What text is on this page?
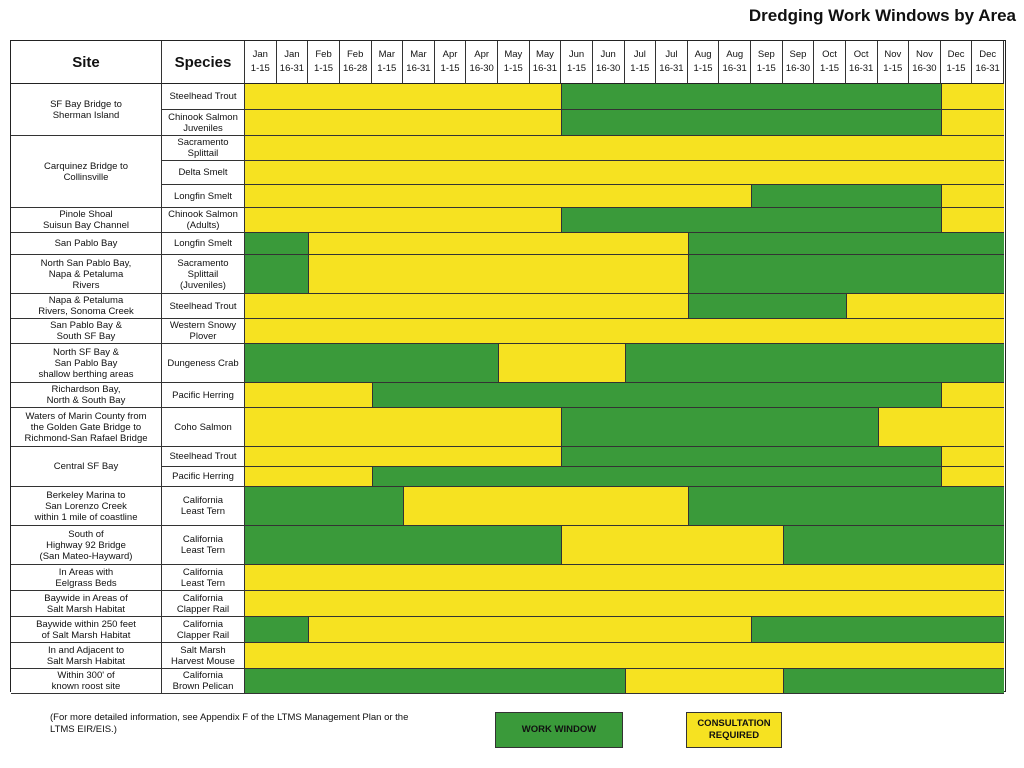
Dredging Work Windows by Area
Site	Species Jan
1-15
Jan
16-31
Feb
1-15
Feb
16-28
Mar
1-15
Mar
16-31
Apr
1-15
Apr
16-30
May
1-15
May
16-31
Jun
1-15
Jun
16-30
Jul
1-15
Jul
16-31
Aug
1-15
Aug
16-31
Sep
1-15
Sep
16-30
Oct
1-15
Oct
16-31
Nov
1-15
Nov
16-30
Dec
1-15
Dec
16-31
Steelhead Trout
Chinook Salmon
Juveniles
Sacramento
Splittail
Delta Smelt
Longfin Smelt
Chinook Salmon
(Adults)
Longfin Smelt
Sacramento
Splittail
(Juveniles)
Steelhead Trout
Western Snowy
Plover
Dungeness Crab
Pacific Herring
Coho Salmon
Steelhead Trout
Pacific Herring
California
Least Tern
California
Least Tern
California
Least Tern
California
Clapper Rail
California
Clapper Rail
Salt Marsh
Harvest Mouse
California
Brown Pelican
SF Bay Bridge to
Sherman Island
Carquinez Bridge to
Collinsville
Pinole Shoal
Suisun Bay Channel
San Pablo Bay
North San Pablo Bay,
Napa & Petaluma
Rivers
Napa & Petaluma
Rivers, Sonoma Creek
San Pablo Bay &
South SF Bay
North SF Bay &
San Pablo Bay
shallow berthing areas
Richardson Bay,
North & South Bay
Waters of Marin County from
the Golden Gate Bridge to
Richmond-San Rafael Bridge
Central SF Bay
Berkeley Marina to
San Lorenzo Creek
within 1 mile of coastline
South of
Highway 92 Bridge
(San Mateo-Hayward)
In Areas with
Eelgrass Beds
Baywide in Areas of
Salt Marsh Habitat
Baywide within 250 feet
of Salt Marsh Habitat
In and Adjacent to
Salt Marsh Habitat
Within 300' of
known roost site
(For more detailed information, see Appendix F of the LTMS Management Plan or the LTMS EIR/EIS.)	WORK WINDOW
CONSULTATION
REQUIRED
